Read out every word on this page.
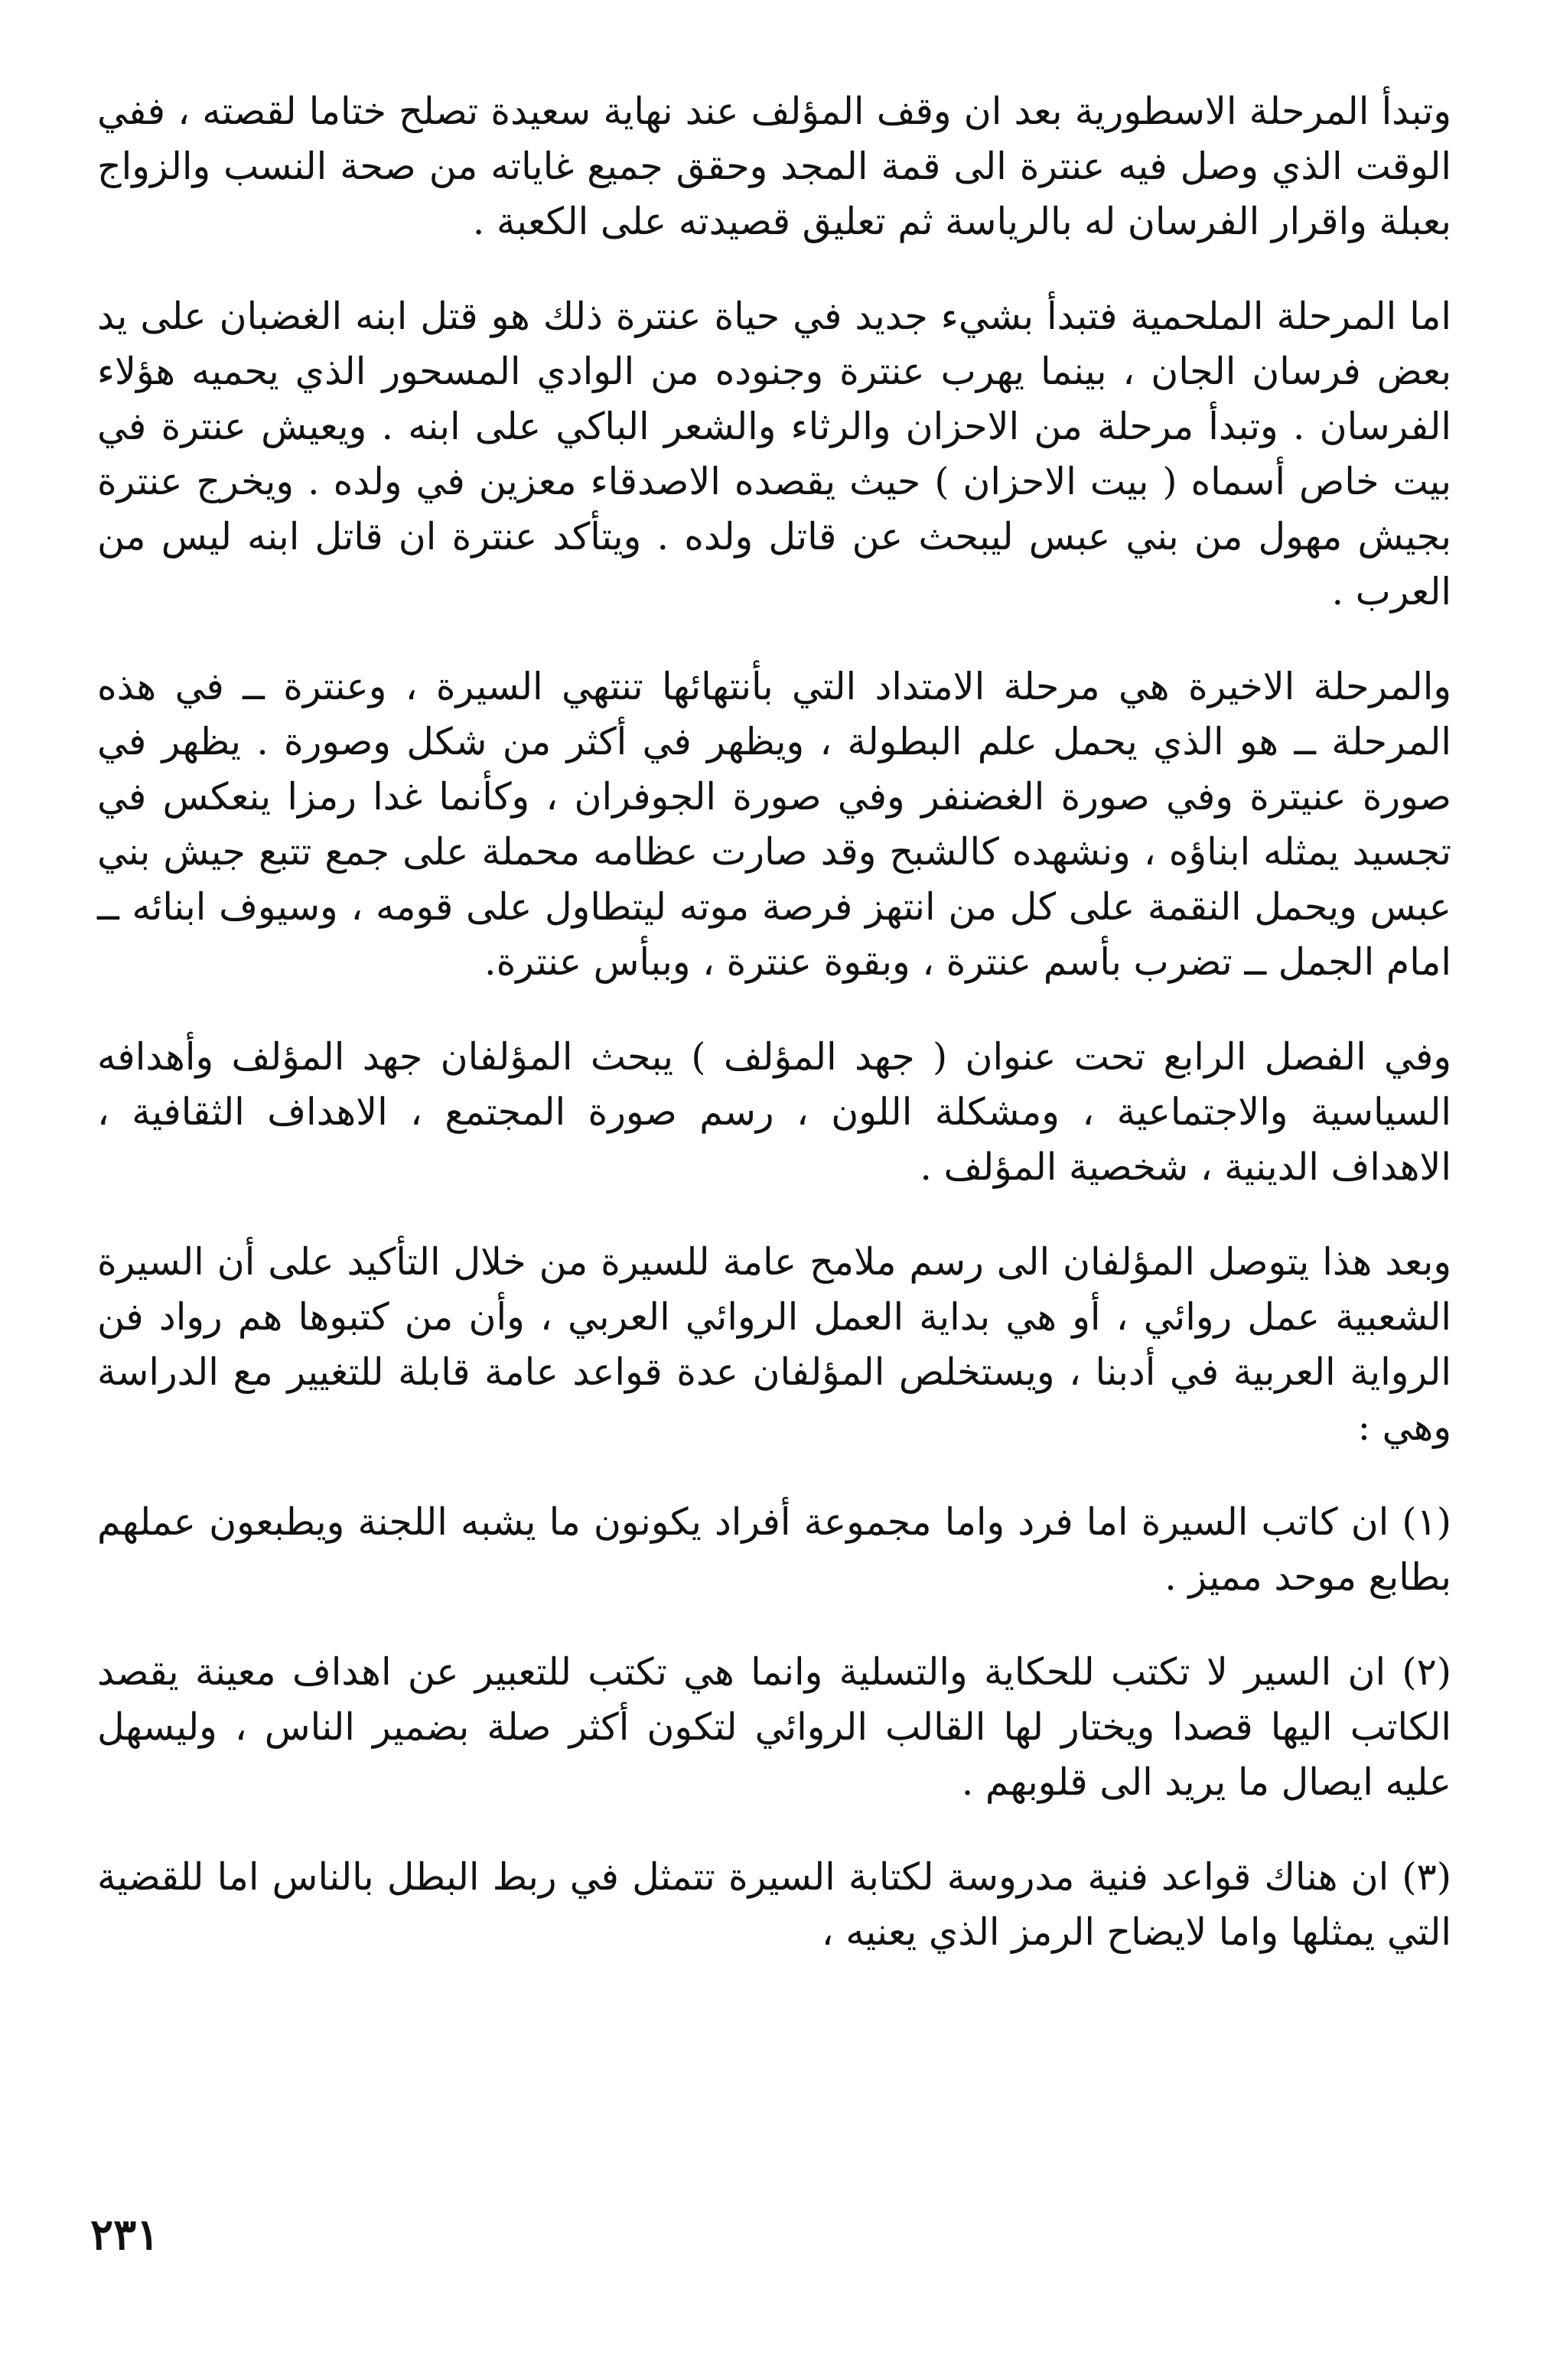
وتبدأ المرحلة الاسطورية بعد ان وقف المؤلف عند نهاية سعيدة تصلح ختاما لقصته ، ففي الوقت الذي وصل فيه عنترة الى قمة المجد وحقق جميع غاياته من صحة النسب والزواج بعبلة واقرار الفرسان له بالرياسة ثم تعليق قصيدته على الكعبة .

اما المرحلة الملحمية فتبدأ بشيء جديد في حياة عنترة ذلك هو قتل ابنه الغضبان على يد بعض فرسان الجان ، بينما يهرب عنترة وجنوده من الوادي المسحور الذي يحميه هؤلاء الفرسان . وتبدأ مرحلة من الاحزان والرثاء والشعر الباكي على ابنه . ويعيش عنترة في بيت خاص أسماه ( بيت الاحزان ) حيث يقصده الاصدقاء معزين في ولده . ويخرج عنترة بجيش مهول من بني عبس ليبحث عن قاتل ولده . ويتأكد عنترة ان قاتل ابنه ليس من العرب .

والمرحلة الاخيرة هي مرحلة الامتداد التي بأنتهائها تنتهي السيرة ، وعنترة ــ في هذه المرحلة ــ هو الذي يحمل علم البطولة ، ويظهر في أكثر من شكل وصورة . يظهر في صورة عنيترة وفي صورة الغضنفر وفي صورة الجوفران ، وكأنما غدا رمزا ينعكس في تجسيد يمثله ابناؤه ، ونشهده كالشبح وقد صارت عظامه محملة على جمع تتبع جيش بني عبس ويحمل النقمة على كل من انتهز فرصة موته ليتطاول على قومه ، وسيوف ابنائه ــ امام الجمل ــ تضرب بأسم عنترة ، وبقوة عنترة ، وببأس عنترة.

وفي الفصل الرابع تحت عنوان ( جهد المؤلف ) يبحث المؤلفان جهد المؤلف وأهدافه السياسية والاجتماعية ، ومشكلة اللون ، رسم صورة المجتمع ، الاهداف الثقافية ، الاهداف الدينية ، شخصية المؤلف .

وبعد هذا يتوصل المؤلفان الى رسم ملامح عامة للسيرة من خلال التأكيد على أن السيرة الشعبية عمل روائي ، أو هي بداية العمل الروائي العربي ، وأن من كتبوها هم رواد فن الرواية العربية في أدبنا ، ويستخلص المؤلفان عدة قواعد عامة قابلة للتغيير مع الدراسة وهي :

(١) ان كاتب السيرة اما فرد واما مجموعة أفراد يكونون ما يشبه اللجنة ويطبعون عملهم بطابع موحد مميز .

(٢) ان السير لا تكتب للحكاية والتسلية وانما هي تكتب للتعبير عن اهداف معينة يقصد الكاتب اليها قصدا ويختار لها القالب الروائي لتكون أكثر صلة بضمير الناس ، وليسهل عليه ايصال ما يريد الى قلوبهم .

(٣) ان هناك قواعد فنية مدروسة لكتابة السيرة تتمثل في ربط البطل بالناس اما للقضية التي يمثلها واما لايضاح الرمز الذي يعنيه ،

٢٣١
